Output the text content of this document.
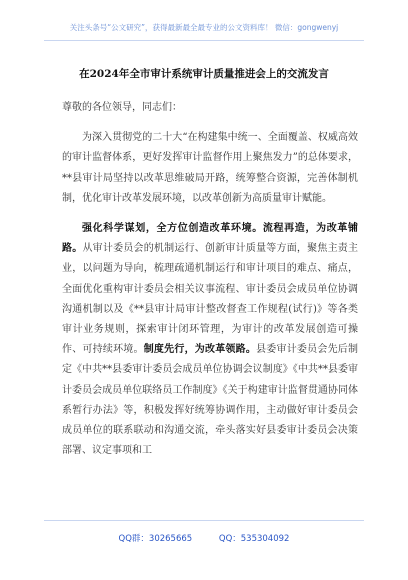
关注头条号“公文研究”，获得最新最全最专业的公文资料库！ 微信：gongwenyj
在2024年全市审计系统审计质量推进会上的交流发言

尊敬的各位领导，同志们：

为深入贯彻党的二十大“在构建集中统一、全面覆盖、权威高效的审计监督体系，更好发挥审计监督作用上聚焦发力”的总体要求，**县审计局坚持以改革思维破局开路，统筹整合资源，完善体制机制，优化审计改革发展环境，以改革创新为高质量审计赋能。

强化科学谋划，全方位创造改革环境。流程再造，为改革铺路。从审计委员会的机制运行、创新审计质量等方面，聚焦主责主业，以问题为导向，梳理疏通机制运行和审计项目的难点、痛点，全面优化重构审计委员会相关议事流程、审计委员会成员单位协调沟通机制以及《**县审计局审计整改督查工作规程(试行)》等各类审计业务规则，探索审计闭环管理，为审计的改革发展创造可操作、可持续环境。制度先行，为改革领路。县委审计委员会先后制定《中共**县委审计委员会成员单位协调会议制度》《中共**县委审计委员会成员单位联络员工作制度》《关于构建审计监督贯通协同体系暂行办法》等，积极发挥好统筹协调作用，主动做好审计委员会成员单位的联系联动和沟通交流，牵头落实好县委审计委员会决策部署、议定事项和工

QQ群：30265665	QQ：535304092
